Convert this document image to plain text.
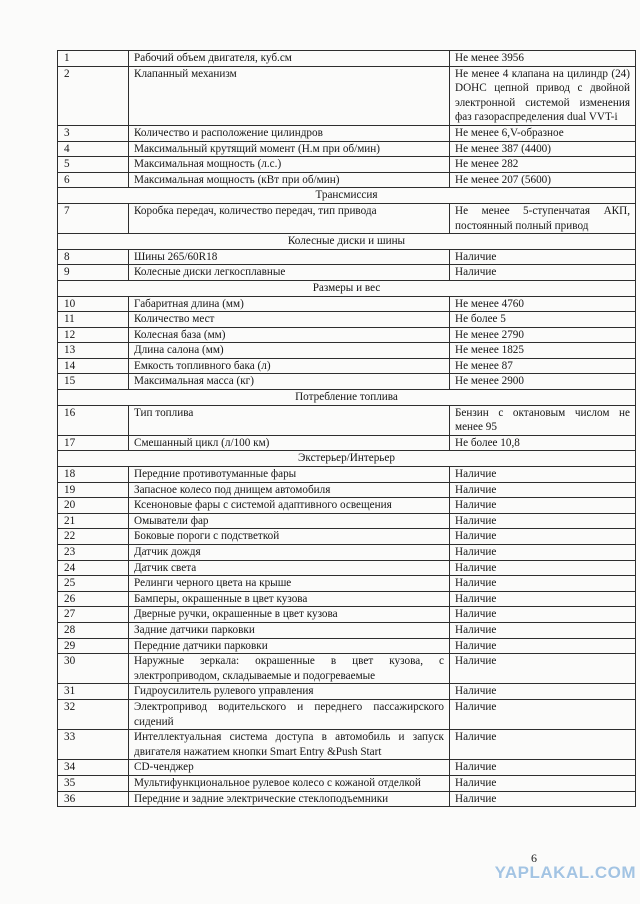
1	Рабочий объем двигателя, куб.см	Не менее 3956
2	Клапанный механизм	Не менее 4 клапана на цилиндр (24) DOHC цепной привод с двойной электронной системой изменения фаз газораспределения dual VVT-i
3	Количество и расположение цилиндров	Не менее 6,V-образное
4	Максимальный крутящий момент (Н.м при об/мин)	Не менее 387 (4400)
5	Максимальная мощность (л.с.)	Не менее 282
6	Максимальная мощность (кВт при об/мин)	Не менее 207 (5600)
Трансмиссия		
7	Коробка передач, количество передач, тип привода	Не менее 5-ступенчатая АКП, постоянный полный привод
Колесные диски и шины		
8	Шины 265/60R18	Наличие
9	Колесные диски легкосплавные	Наличие
Размеры и вес		
10	Габаритная длина (мм)	Не менее 4760
11	Количество мест	Не более 5
12	Колесная база (мм)	Не менее 2790
13	Длина салона (мм)	Не менее 1825
14	Емкость топливного бака (л)	Не менее 87
15	Максимальная масса (кг)	Не менее 2900
Потребление топлива		
16	Тип топлива	Бензин с октановым числом не менее 95
17	Смешанный цикл (л/100 км)	Не более 10,8
Экстерьер/Интерьер		
18	Передние противотуманные фары	Наличие
19	Запасное колесо под днищем автомобиля	Наличие
20	Ксеноновые фары с системой адаптивного освещения	Наличие
21	Омыватели фар	Наличие
22	Боковые пороги с подстветкой	Наличие
23	Датчик дождя	Наличие
24	Датчик света	Наличие
25	Релинги черного цвета на крыше	Наличие
26	Бамперы, окрашенные в цвет кузова	Наличие
27	Дверные ручки, окрашенные в цвет кузова	Наличие
28	Задние датчики парковки	Наличие
29	Передние датчики парковки	Наличие
30	Наружные зеркала: окрашенные в цвет кузова, с электроприводом, складываемые и подогреваемые	Наличие
31	Гидроусилитель рулевого управления	Наличие
32	Электропривод водительского и переднего пассажирского сидений	Наличие
33	Интеллектуальная система доступа в автомобиль и запуск двигателя нажатием кнопки Smart Entry &Push Start	Наличие
34	CD-ченджер	Наличие
35	Мультифункциональное рулевое колесо с кожаной отделкой	Наличие
36	Передние и задние электрические стеклоподъемники	Наличие
6
YAPLAKAL.COM
